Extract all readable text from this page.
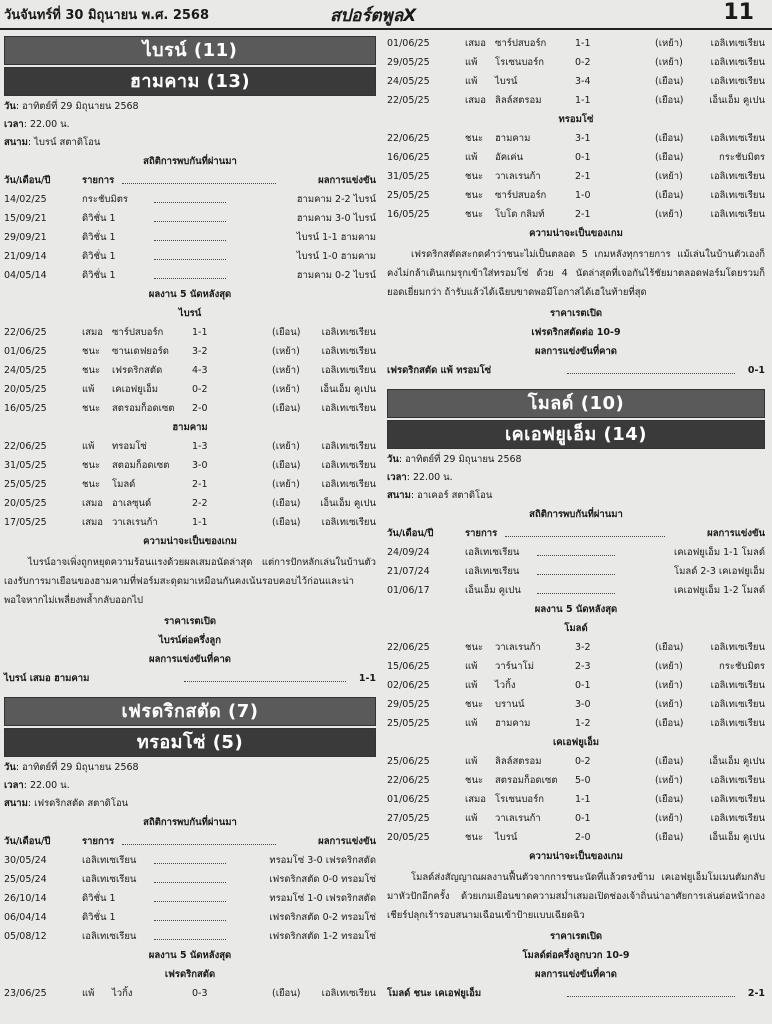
วันจันทร์ที่ 30 มิถุนายน พ.ศ. 2568	สปอร์ตพูลX	11
ไบรน์ (11)
ฮามคาม (13)
วัน: อาทิตย์ที่ 29 มิถุนายน 2568
เวลา: 22.00 น.
สนาม: ไบรน์ สตาดิโอน
สถิติการพบกันที่ผ่านมา
วัน/เดือน/ปี	รายการ	ผลการแข่งขัน
14/02/25	กระชับมิตร	ฮามคาม 2-2 ไบรน์
15/09/21	ดิวิชั่น 1	ฮามคาม 3-0 ไบรน์
29/09/21	ดิวิชั่น 1	ไบรน์ 1-1 ฮามคาม
21/09/14	ดิวิชั่น 1	ไบรน์ 1-0 ฮามคาม
04/05/14	ดิวิชั่น 1	ฮามคาม 0-2 ไบรน์
ผลงาน 5 นัดหลังสุด
ไบรน์
22/06/25	เสมอ ซาร์ปสบอร์ก	1-1	(เยือน) เอลิเทเซเรียน
01/06/25	ชนะ ซานเดฟยอร์ด 3-2	(เหย้า) เอลิเทเซเรียน
24/05/25	ชนะ เฟรดริกสตัด	4-3	(เหย้า) เอลิเทเซเรียน
20/05/25	แพ้ เคเอฟยูเอ็ม	0-2	(เหย้า) เอ็นเอ็ม คูเปน
16/05/25	ชนะ สตรอมก็อดเซต 2-0	(เยือน) เอลิเทเซเรียน
ฮามคาม
22/06/25	แพ้ ทรอมโซ่	1-3	(เหย้า) เอลิเทเซเรียน
31/05/25	ชนะ สตอมก็อดเซต 3-0	(เยือน) เอลิเทเซเรียน
25/05/25	ชนะ โมลด์	2-1	(เหย้า) เอลิเทเซเรียน
20/05/25	เสมอ อาเลซุนด์	2-2	(เยือน) เอ็นเอ็ม คูเปน
17/05/25	เสมอ วาเลเรนก้า	1-1	(เยือน) เอลิเทเซเรียน
ความน่าจะเป็นของเกม
ไบรน์อาจเพิ่งถูกหยุดความร้อนแรงด้วยผลเสมอนัดล่าสุด แต่การปักหลักเล่นในบ้านตัวเองรับการมาเยือนของฮามคามที่ฟอร์มสะดุดมาเหมือนกันคงเน้นรอบคอบไว้ก่อนและน่าพอใจหากไม่เพลี่ยงพล้ำกลับออกไป
ราคาเรตเปิด
ไบรน์ต่อครึ่งลูก
ผลการแข่งขันที่คาด
ไบรน์ เสมอ ฮามคาม	1-1
เฟรดริกสตัด (7)
ทรอมโซ่ (5)
วัน: อาทิตย์ที่ 29 มิถุนายน 2568
เวลา: 22.00 น.
สนาม: เฟรดริกสตัด สตาดิโอน
สถิติการพบกันที่ผ่านมา
วัน/เดือน/ปี	รายการ	ผลการแข่งขัน
30/05/24	เอลิเทเซเรียน	ทรอมโซ่ 3-0 เฟรดริกสตัด
25/05/24	เอลิเทเซเรียน	เฟรดริกสตัด 0-0 ทรอมโซ่
26/10/14	ดิวิชั่น 1	ทรอมโซ่ 1-0 เฟรดริกสตัด
06/04/14	ดิวิชั่น 1	เฟรดริกสตัด 0-2 ทรอมโซ่
05/08/12	เอลิเทเซเรียน	เฟรดริกสตัด 1-2 ทรอมโซ่
ผลงาน 5 นัดหลังสุด
เฟรดริกสตัด
23/06/25	แพ้ ไวกิ้ง	0-3	(เยือน) เอลิเทเซเรียน
01/06/25	เสมอ ซาร์ปสบอร์ก	1-1	(เหย้า)	เอลิเทเซเรียน
29/05/25	แพ้ โรเซนบอร์ก	0-2	(เหย้า)	เอลิเทเซเรียน
24/05/25	แพ้ ไบรน์	3-4	(เยือน)	เอลิเทเซเรียน
22/05/25	เสมอ ลิลล์สตรอม	1-1	(เยือน)	เอ็นเอ็ม คูเปน
ทรอมโซ่
22/06/25	ชนะ ฮามคาม	3-1	(เยือน)	เอลิเทเซเรียน
16/06/25	แพ้ อัคเค่น	0-1	(เยือน)	กระชับมิตร
31/05/25	ชนะ วาเลเรนก้า	2-1	(เหย้า)	เอลิเทเซเรียน
25/05/25	ชนะ ซาร์ปสบอร์ก	1-0	(เยือน)	เอลิเทเซเรียน
16/05/25	ชนะ โบโด กลิมท์	2-1	(เหย้า)	เอลิเทเซเรียน
ความน่าจะเป็นของเกม
เฟรดริกสตัดสะกดคำว่าชนะไม่เป็นตลอด 5 เกมหลังทุกรายการ แม้เล่นในบ้านตัวเองก็คงไม่กล้าเดินเกมรุกเข้าใส่ทรอมโซ่ ด้วย 4 นัดล่าสุดที่เจอกันไร้ชัยมาตลอดฟอร์มโดยรวมก็ยอดเยี่ยมกว่า ถ้ารับแล้วได้เฉียบขาดพอมีโอกาสได้เฮในท้ายที่สุด
ราคาเรตเปิด
เฟรดริกสตัดต่อ 10-9
ผลการแข่งขันที่คาด
เฟรดริกสตัด แพ้ ทรอมโซ่	0-1
โมลด์ (10)
เคเอฟยูเอ็ม (14)
วัน: อาทิตย์ที่ 29 มิถุนายน 2568
เวลา: 22.00 น.
สนาม: อาเคอร์ สตาดิโอน
สถิติการพบกันที่ผ่านมา
วัน/เดือน/ปี	รายการ	ผลการแข่งขัน
24/09/24	เอลิเทเซเรียน	เคเอฟยูเอ็ม 1-1 โมลด์
21/07/24	เอลิเทเซเรียน	โมลด์ 2-3 เคเอฟยูเอ็ม
01/06/17	เอ็นเอ็ม คูเปน	เคเอฟยูเอ็ม 1-2 โมลด์
ผลงาน 5 นัดหลังสุด
โมลด์
22/06/25	ชนะ วาเลเรนก้า	3-2	(เยือน)	เอลิเทเซเรียน
15/06/25	แพ้ วาร์นาโม่	2-3	(เหย้า)	กระชับมิตร
02/06/25	แพ้ ไวกิ้ง	0-1	(เหย้า)	เอลิเทเซเรียน
29/05/25	ชนะ บรานน์	3-0	(เหย้า)	เอลิเทเซเรียน
25/05/25	แพ้ ฮามคาม	1-2	(เยือน)	เอลิเทเซเรียน
เคเอฟยูเอ็ม
25/06/25	แพ้ ลิลล์สตรอม	0-2	(เยือน)	เอ็นเอ็ม คูเปน
22/06/25	ชนะ สตรอมก็อดเซต 5-0	(เหย้า)	เอลิเทเซเรียน
01/06/25	เสมอ โรเซนบอร์ก	1-1	(เยือน)	เอลิเทเซเรียน
27/05/25	แพ้ วาเลเรนก้า	0-1	(เหย้า)	เอลิเทเซเรียน
20/05/25	ชนะ ไบรน์	2-0	(เยือน)	เอ็นเอ็ม คูเปน
ความน่าจะเป็นของเกม
โมลด์ส่งสัญญาณผลงานฟื้นตัวจากการชนะนัดที่แล้วตรงข้าม เคเอฟยูเอ็มโมเมนตัมกลับมาหัวปักอีกครั้ง ด้วยเกมเยือนขาดความสม่ำเสมอเปิดช่องเจ้าถิ่นน่าอาศัยการเล่นต่อหน้ากองเชียร์ปลุกเร้ารอบสนามเฉือนเข้าป้ายแบบเฉียดฉิว
ราคาเรตเปิด
โมลด์ต่อครึ่งลูกบวก 10-9
ผลการแข่งขันที่คาด
โมลด์ ชนะ เคเอฟยูเอ็ม	2-1
